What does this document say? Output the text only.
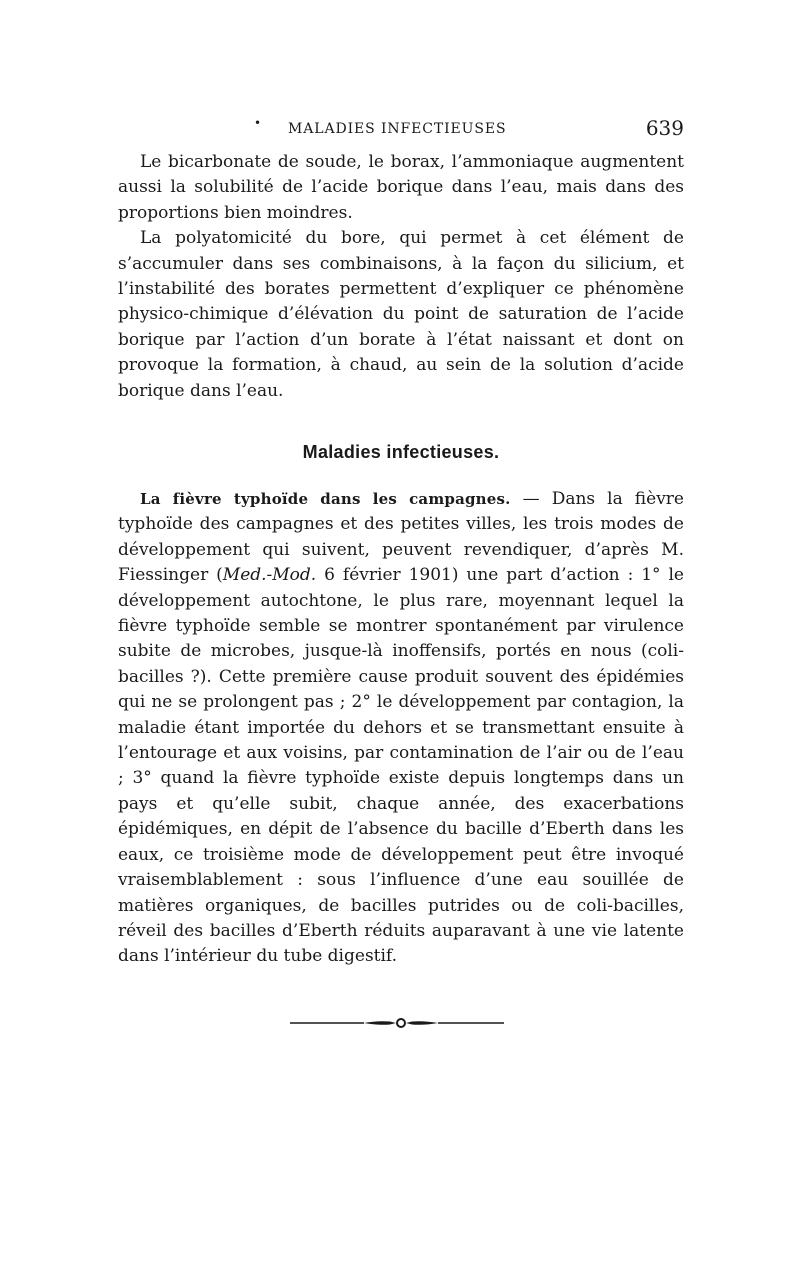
• MALADIES INFECTIEUSES	639

Le bicarbonate de soude, le borax, l’ammoniaque augmentent aussi la solubilité de l’acide borique dans l’eau, mais dans des proportions bien moindres.

La polyatomicité du bore, qui permet à cet élément de s’accumuler dans ses combinaisons, à la façon du silicium, et l’instabilité des borates permettent d’expliquer ce phénomène physico-chimique d’élévation du point de saturation de l’acide borique par l’action d’un borate à l’état naissant et dont on provoque la formation, à chaud, au sein de la solution d’acide borique dans l’eau.

Maladies infectieuses.

La fièvre typhoïde dans les campagnes. — Dans la fièvre typhoïde des campagnes et des petites villes, les trois modes de développement qui suivent, peuvent revendiquer, d’après M. Fiessinger (Med.-Mod. 6 février 1901) une part d’action : 1° le développement autochtone, le plus rare, moyennant lequel la fièvre typhoïde semble se montrer spontanément par virulence subite de microbes, jusque-là inoffensifs, portés en nous (coli-bacilles ?). Cette première cause produit souvent des épidémies qui ne se prolongent pas ; 2° le développement par contagion, la maladie étant importée du dehors et se transmettant ensuite à l’entourage et aux voisins, par contamination de l’air ou de l’eau ; 3° quand la fièvre typhoïde existe depuis longtemps dans un pays et qu’elle subit, chaque année, des exacerbations épidémiques, en dépit de l’absence du bacille d’Eberth dans les eaux, ce troisième mode de développement peut être invoqué vraisemblablement : sous l’influence d’une eau souillée de matières organiques, de bacilles putrides ou de coli-bacilles, réveil des bacilles d’Eberth réduits auparavant à une vie latente dans l’intérieur du tube digestif.
